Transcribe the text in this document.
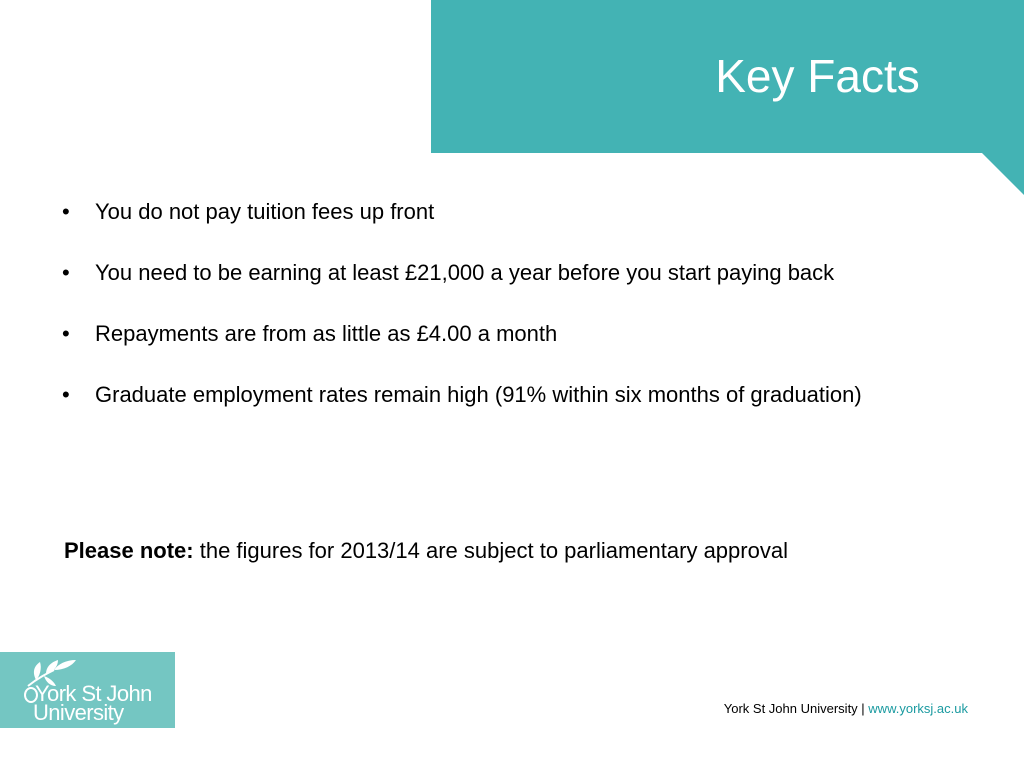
Key Facts
• You do not pay tuition fees up front
• You need to be earning at least £21,000 a year before you start paying back
• Repayments are from as little as £4.00 a month
• Graduate employment rates remain high (91% within six months of graduation)
Please note: the figures for 2013/14 are subject to parliamentary approval
York St John
University	York St John University | www.yorksj.ac.uk
